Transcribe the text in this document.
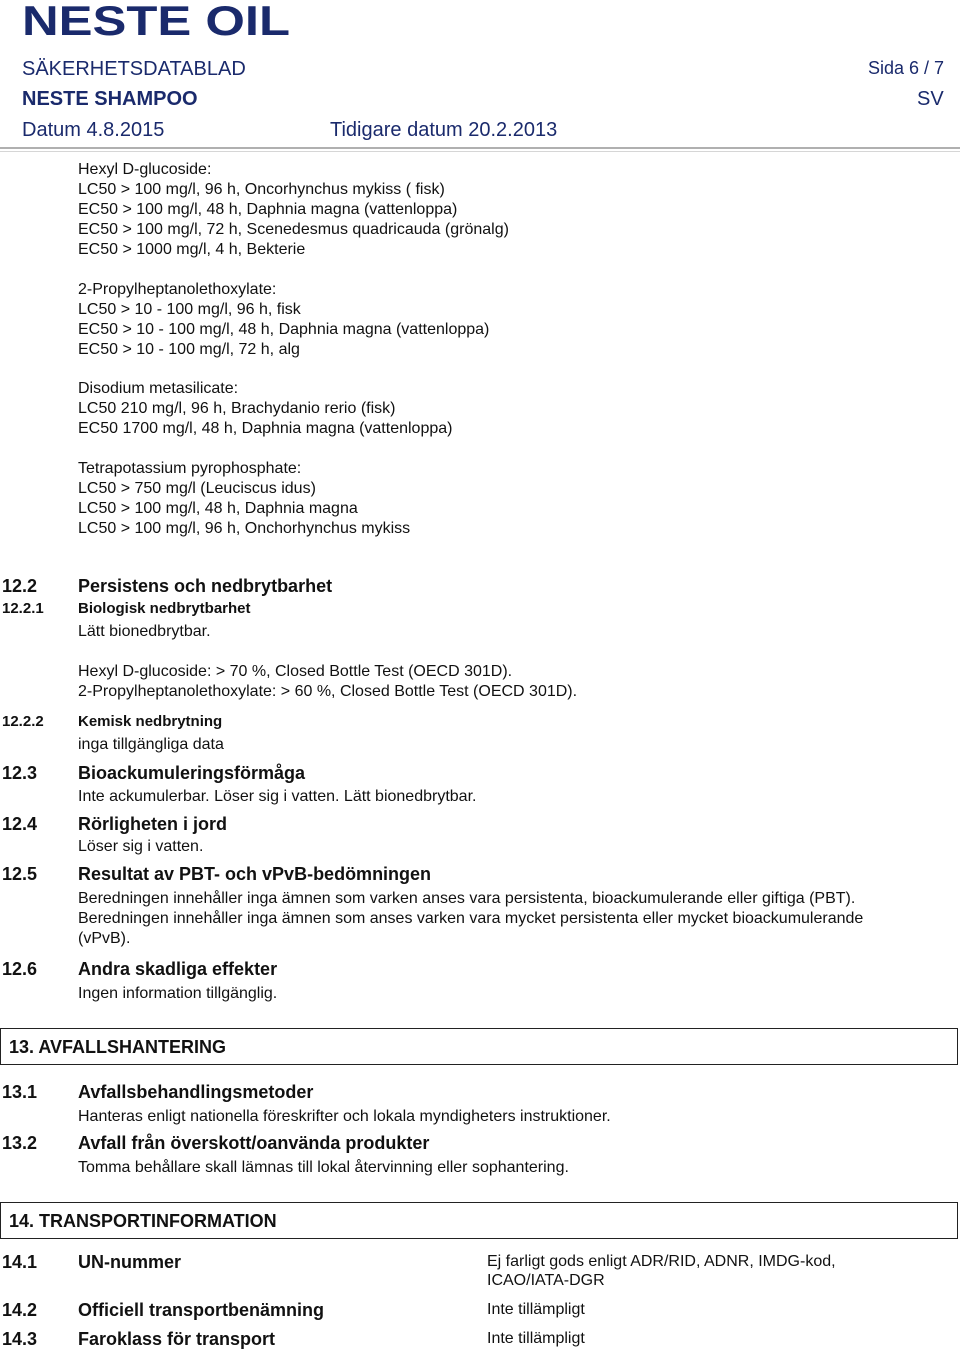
NESTE OIL
SÄKERHETSDATABLAD	Sida 6 / 7
NESTE SHAMPOO	SV
Datum 4.8.2015	Tidigare datum 20.2.2013
Hexyl D-glucoside:
LC50 > 100 mg/l, 96 h, Oncorhynchus mykiss ( fisk)
EC50 > 100 mg/l, 48 h, Daphnia magna (vattenloppa)
EC50 > 100 mg/l, 72 h, Scenedesmus quadricauda (grönalg)
EC50 > 1000 mg/l, 4 h, Bekterie
2-Propylheptanolethoxylate:
LC50 > 10 - 100 mg/l, 96 h, fisk
EC50 > 10 - 100 mg/l, 48 h, Daphnia magna (vattenloppa)
EC50 > 10 - 100 mg/l, 72 h, alg
Disodium metasilicate:
LC50 210 mg/l, 96 h, Brachydanio rerio (fisk)
EC50 1700 mg/l, 48 h, Daphnia magna (vattenloppa)
Tetrapotassium pyrophosphate:
LC50 > 750 mg/l (Leuciscus idus)
LC50 > 100 mg/l, 48 h, Daphnia magna
LC50 > 100 mg/l, 96 h, Onchorhynchus mykiss
12.2 Persistens och nedbrytbarhet
12.2.1 Biologisk nedbrytbarhet
Lätt bionedbrytbar.
Hexyl D-glucoside: > 70 %, Closed Bottle Test (OECD 301D).
2-Propylheptanolethoxylate: > 60 %, Closed Bottle Test (OECD 301D).
12.2.2 Kemisk nedbrytning
inga tillgängliga data
12.3 Bioackumuleringsförmåga
Inte ackumulerbar. Löser sig i vatten. Lätt bionedbrytbar.
12.4 Rörligheten i jord
Löser sig i vatten.
12.5 Resultat av PBT- och vPvB-bedömningen
Beredningen innehåller inga ämnen som varken anses vara persistenta, bioackumulerande eller giftiga (PBT).
Beredningen innehåller inga ämnen som anses varken vara mycket persistenta eller mycket bioackumulerande
(vPvB).
12.6 Andra skadliga effekter
Ingen information tillgänglig.
13. AVFALLSHANTERING
13.1 Avfallsbehandlingsmetoder
Hanteras enligt nationella föreskrifter och lokala myndigheters instruktioner.
13.2 Avfall från överskott/oanvända produkter
Tomma behållare skall lämnas till lokal återvinning eller sophantering.
14. TRANSPORTINFORMATION
14.1 UN-nummer	Ej farligt gods enligt ADR/RID, ADNR, IMDG-kod,
ICAO/IATA-DGR
14.2 Officiell transportbenämning	Inte tillämpligt
14.3 Faroklass för transport	Inte tillämpligt
